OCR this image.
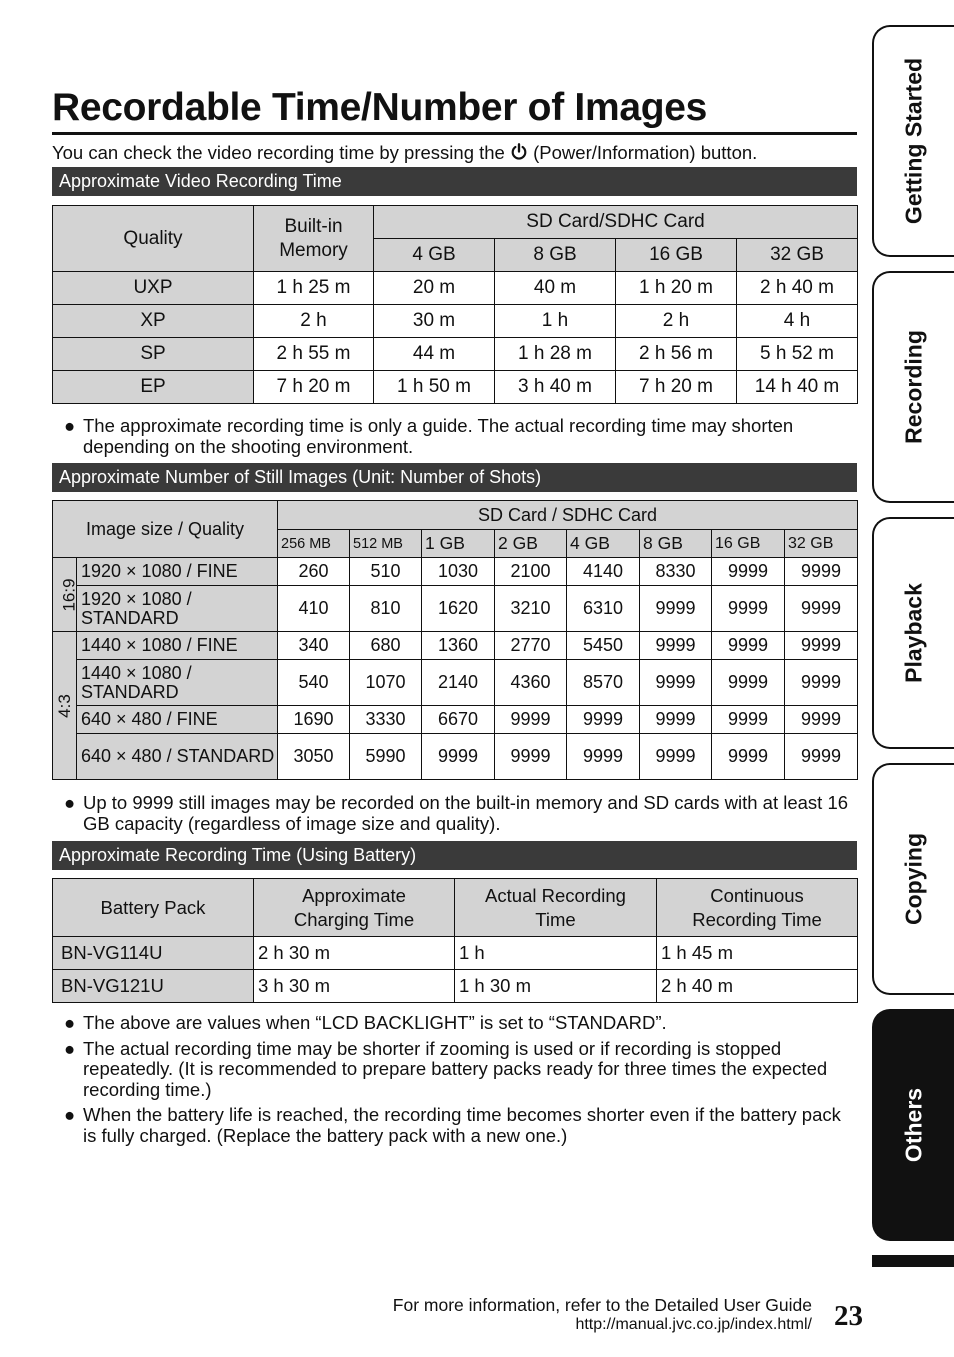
Recordable Time/Number of Images
You can check the video recording time by pressing the (Power/Information) button.
Approximate Video Recording Time
Quality	Built-in Memory	SD Card/SDHC Card			
		4 GB	8 GB	16 GB	32 GB
UXP	1 h 25 m	20 m	40 m	1 h 20 m	2 h 40 m
XP	2 h	30 m	1 h	2 h	4 h
SP	2 h 55 m	44 m	1 h 28 m	2 h 56 m	5 h 52 m
EP	7 h 20 m	1 h 50 m	3 h 40 m	7 h 20 m	14 h 40 m
● The approximate recording time is only a guide. The actual recording time may shorten depending on the shooting environment.
Approximate Number of Still Images (Unit: Number of Shots)
Image size / Quality		SD Card / SDHC Card							
		256 MB	512 MB	1 GB	2 GB	4 GB	8 GB	16 GB	32 GB
16:9	1920 × 1080 / FINE	260	510	1030	2100	4140	8330	9999	9999
	1920 × 1080 / STANDARD	410	810	1620	3210	6310	9999	9999	9999
4:3	1440 × 1080 / FINE	340	680	1360	2770	5450	9999	9999	9999
	1440 × 1080 / STANDARD	540	1070	2140	4360	8570	9999	9999	9999
	640 × 480 / FINE	1690	3330	6670	9999	9999	9999	9999	9999
	640 × 480 / STANDARD	3050	5990	9999	9999	9999	9999	9999	9999
● Up to 9999 still images may be recorded on the built-in memory and SD cards with at least 16 GB capacity (regardless of image size and quality).
Approximate Recording Time (Using Battery)
Battery Pack	Approximate Charging Time	Actual Recording Time	Continuous Recording Time
BN-VG114U	2 h 30 m	1 h	1 h 45 m
BN-VG121U	3 h 30 m	1 h 30 m	2 h 40 m
● The above are values when “LCD BACKLIGHT” is set to “STANDARD”.
● The actual recording time may be shorter if zooming is used or if recording is stopped repeatedly. (It is recommended to prepare battery packs ready for three times the expected recording time.)
● When the battery life is reached, the recording time becomes shorter even if the battery pack is fully charged. (Replace the battery pack with a new one.)
Getting Started
Recording
Playback
Copying
Others
For more information, refer to the Detailed User Guide
http://manual.jvc.co.jp/index.html/ 23
